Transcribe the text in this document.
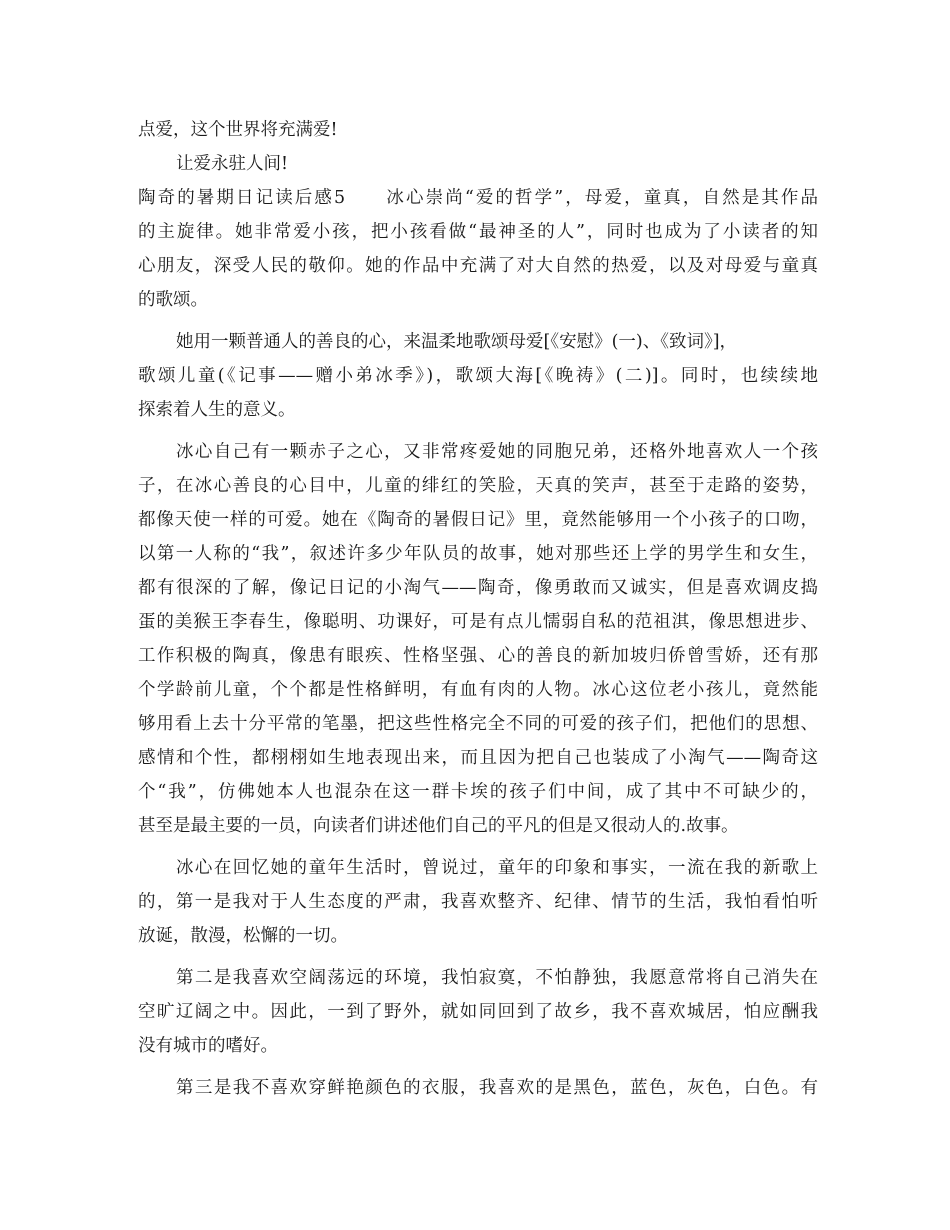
点爱，这个世界将充满爱!
让爱永驻人间!
陶奇的暑期日记读后感5　　冰心崇尚“爱的哲学”，母爱，童真，自然是其作品
的主旋律。她非常爱小孩，把小孩看做“最神圣的人”，同时也成为了小读者的知
心朋友，深受人民的敬仰。她的作品中充满了对大自然的热爱，以及对母爱与童真
的歌颂。
她用一颗普通人的善良的心，来温柔地歌颂母爱[《安慰》(一)、《致词》]，
歌颂儿童(《记事——赠小弟冰季》)，歌颂大海[《晚祷》(二)]。同时，也续续地
探索着人生的意义。
冰心自己有一颗赤子之心，又非常疼爱她的同胞兄弟，还格外地喜欢人一个孩
子，在冰心善良的心目中，儿童的绯红的笑脸，天真的笑声，甚至于走路的姿势，
都像天使一样的可爱。她在《陶奇的暑假日记》里，竟然能够用一个小孩子的口吻，
以第一人称的“我”，叙述许多少年队员的故事，她对那些还上学的男学生和女生，
都有很深的了解，像记日记的小淘气——陶奇，像勇敢而又诚实，但是喜欢调皮捣
蛋的美猴王李春生，像聪明、功课好，可是有点儿懦弱自私的范祖淇，像思想进步、
工作积极的陶真，像患有眼疾、性格坚强、心的善良的新加坡归侨曾雪娇，还有那
个学龄前儿童，个个都是性格鲜明，有血有肉的人物。冰心这位老小孩儿，竟然能
够用看上去十分平常的笔墨，把这些性格完全不同的可爱的孩子们，把他们的思想、
感情和个性，都栩栩如生地表现出来，而且因为把自己也装成了小淘气——陶奇这
个“我”，仿佛她本人也混杂在这一群卡埃的孩子们中间，成了其中不可缺少的，
甚至是最主要的一员，向读者们讲述他们自己的平凡的但是又很动人的.故事。
冰心在回忆她的童年生活时，曾说过，童年的印象和事实，一流在我的新歌上
的，第一是我对于人生态度的严肃，我喜欢整齐、纪律、情节的生活，我怕看怕听
放诞，散漫，松懈的一切。
第二是我喜欢空阔荡远的环境，我怕寂寞，不怕静独，我愿意常将自己消失在
空旷辽阔之中。因此，一到了野外，就如同回到了故乡，我不喜欢城居，怕应酬我
没有城市的嗜好。
第三是我不喜欢穿鲜艳颜色的衣服，我喜欢的是黑色，蓝色，灰色，白色。有
